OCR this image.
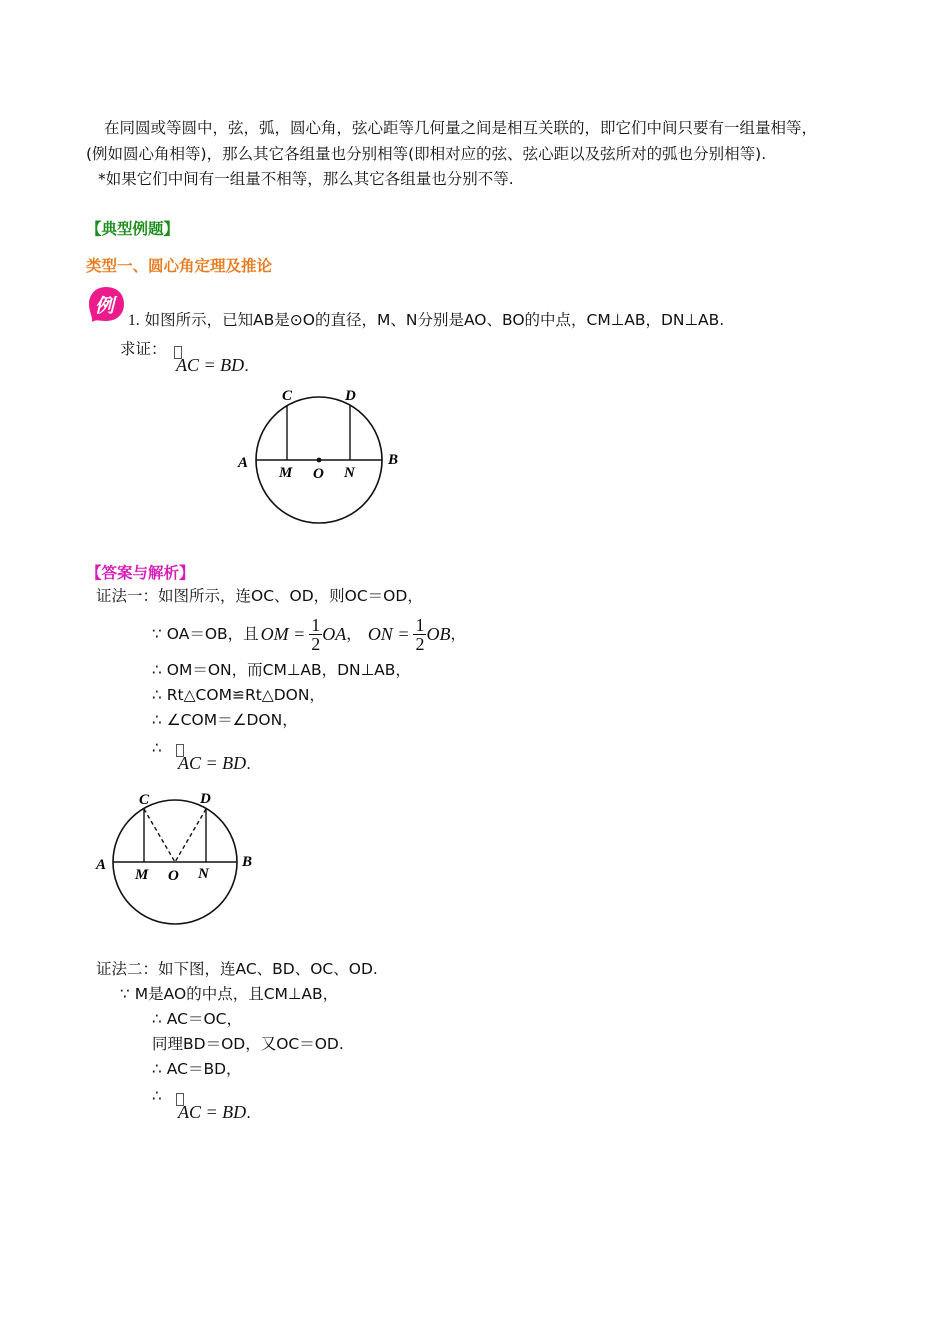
在同圆或等圆中，弦，弧，圆心角，弦心距等几何量之间是相互关联的，即它们中间只要有一组量相等，
(例如圆心角相等)，那么其它各组量也分别相等(即相对应的弦、弦心距以及弦所对的弧也分别相等).
*如果它们中间有一组量不相等，那么其它各组量也分别不等.
【典型例题】
类型一、圆心角定理及推论
例
1. 如图所示，已知AB是⊙O的直径，M、N分别是AO、BO的中点，CM⊥AB，DN⊥AB.
求证：
AC = BD.
A	B
C	D
M O N
【答案与解析】
证法一：如图所示，连OC、OD，则OC＝OD，
∵ OA＝OB，且 OM = $\frac{1}{2}$ OA ， ON = $\frac{1}{2}$ OB ，
∴ OM＝ON，而CM⊥AB，DN⊥AB，
∴ Rt△COM≌Rt△DON，
∴ ∠COM＝∠DON，
∴
AC = BD.
A	B
C	D
M O N
证法二：如下图，连AC、BD、OC、OD.
∵ M是AO的中点，且CM⊥AB，
∴ AC＝OC，
同理BD＝OD，又OC＝OD.
∴ AC＝BD，
∴
AC = BD.
